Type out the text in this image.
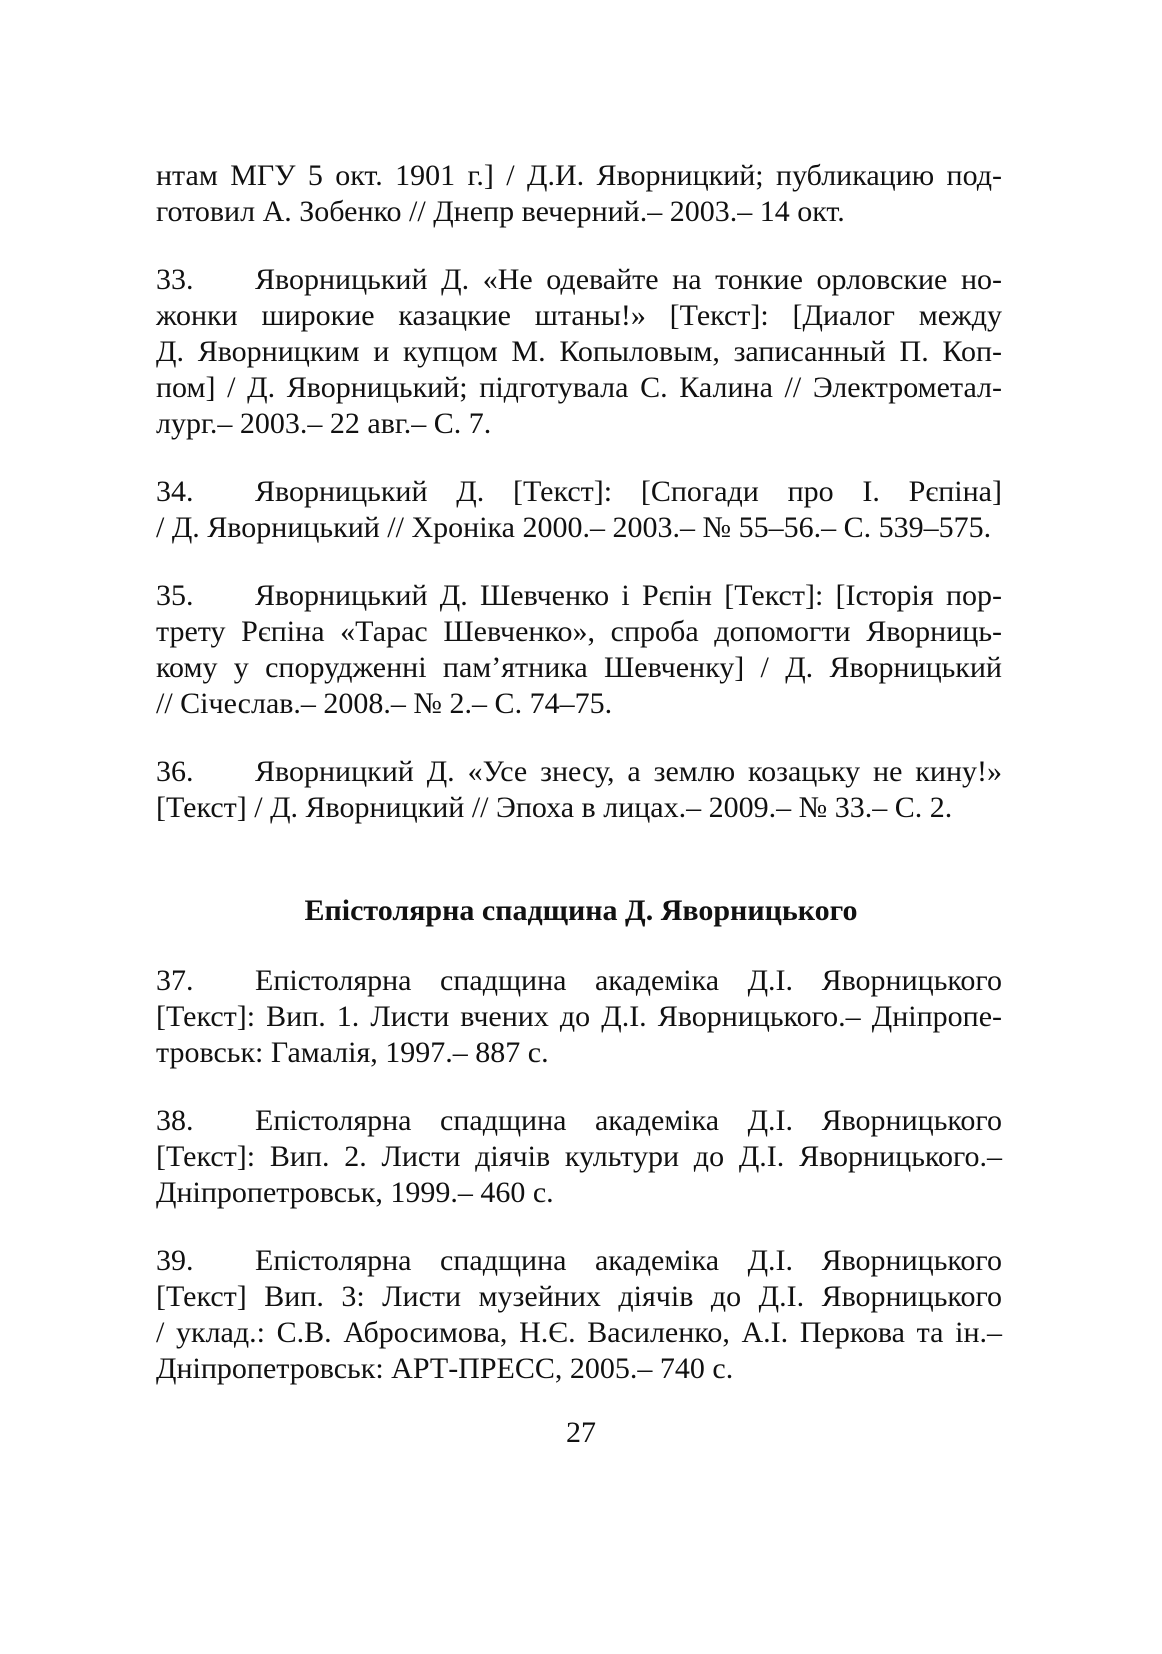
нтам МГУ 5 окт. 1901 г.] / Д.И. Яворницкий; публикацию под-
готовил А. Зобенко // Днепр вечерний.– 2003.– 14 окт.
33. Яворницький Д. «Не одевайте на тонкие орловские но-
жонки широкие казацкие штаны!» [Текст]: [Диалог между
Д. Яворницким и купцом М. Копыловым, записанный П. Коп-
пом] / Д. Яворницький; підготувала С. Калина // Электрометал-
лург.– 2003.– 22 авг.– С. 7.
34. Яворницький Д. [Текст]: [Спогади про І. Рєпіна]
/ Д. Яворницький // Хроніка 2000.– 2003.– № 55–56.– С. 539–575.
35. Яворницький Д. Шевченко і Рєпін [Текст]: [Історія пор-
трету Рєпіна «Тарас Шевченко», спроба допомогти Яворниць-
кому у спорудженні пам’ятника Шевченку] / Д. Яворницький
// Січеслав.– 2008.– № 2.– С. 74–75.
36. Яворницкий Д. «Усе знесу, а землю козацьку не кину!»
[Текст] / Д. Яворницкий // Эпоха в лицах.– 2009.– № 33.– С. 2.
Епістолярна спадщина Д. Яворницького
37. Епістолярна спадщина академіка Д.І. Яворницького
[Текст]: Вип. 1. Листи вчених до Д.І. Яворницького.– Дніпропе-
тровськ: Гамалія, 1997.– 887 с.
38. Епістолярна спадщина академіка Д.І. Яворницького
[Текст]: Вип. 2. Листи діячів культури до Д.І. Яворницького.–
Дніпропетровськ, 1999.– 460 с.
39. Епістолярна спадщина академіка Д.І. Яворницького
[Текст] Вип. 3: Листи музейних діячів до Д.І. Яворницького
/ уклад.: С.В. Абросимова, Н.Є. Василенко, А.І. Перкова та ін.–
Дніпропетровськ: АРТ-ПРЕСС, 2005.– 740 с.
27
